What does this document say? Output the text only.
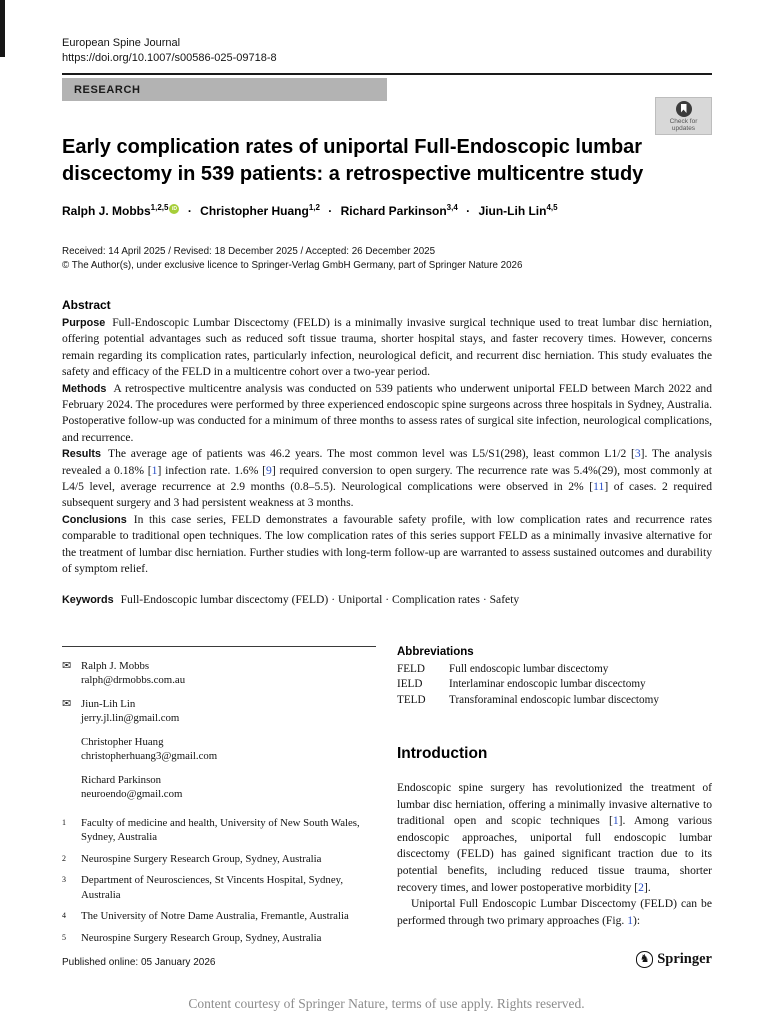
European Spine Journal
https://doi.org/10.1007/s00586-025-09718-8
RESEARCH
Check for
updates
Early complication rates of uniportal Full-Endoscopic lumbar discectomy in 539 patients: a retrospective multicentre study
Ralph J. Mobbs$^{1,2,5}$ iD · Christopher Huang$^{1,2}$ · Richard Parkinson$^{3,4}$ · Jiun-Lih Lin$^{4,5}$
Received: 14 April 2025 / Revised: 18 December 2025 / Accepted: 26 December 2025
© The Author(s), under exclusive licence to Springer-Verlag GmbH Germany, part of Springer Nature 2026
Abstract

Purpose Full-Endoscopic Lumbar Discectomy (FELD) is a minimally invasive surgical technique used to treat lumbar disc herniation, offering potential advantages such as reduced soft tissue trauma, shorter hospital stays, and faster recovery times. However, concerns remain regarding its complication rates, particularly infection, neurological deficit, and recurrent disc herniation. This study evaluates the safety and efficacy of the FELD in a multicentre cohort over a two-year period.

Methods A retrospective multicentre analysis was conducted on 539 patients who underwent uniportal FELD between March 2022 and February 2024. The procedures were performed by three experienced endoscopic spine surgeons across three hospitals in Sydney, Australia. Postoperative follow-up was conducted for a minimum of three months to assess rates of surgical site infection, neurological complications, and recurrence.

Results The average age of patients was 46.2 years. The most common level was L5/S1(298), least common L1/2 [3]. The analysis revealed a 0.18% [1] infection rate. 1.6% [9] required conversion to open surgery. The recurrence rate was 5.4%(29), most commonly at L4/5 level, average recurrence at 2.9 months (0.8–5.5). Neurological complications were observed in 2% [11] of cases. 2 required subsequent surgery and 3 had persistent weakness at 3 months.

Conclusions In this case series, FELD demonstrates a favourable safety profile, with low complication rates and recurrence rates comparable to traditional open techniques. The low complication rates of this series support FELD as a minimally invasive alternative for the treatment of lumbar disc herniation. Further studies with long-term follow-up are warranted to assess sustained outcomes and durability of symptom relief.

Keywords Full-Endoscopic lumbar discectomy (FELD) · Uniportal · Complication rates · Safety
✉ Ralph J. Mobbs
ralph@drmobbs.com.au
✉ Jiun-Lih Lin
jerry.jl.lin@gmail.com
Christopher Huang
christopherhuang3@gmail.com
Richard Parkinson
neuroendo@gmail.com
1	Faculty of medicine and health, University of New South Wales, Sydney, Australia
2	Neurospine Surgery Research Group, Sydney, Australia
3	Department of Neurosciences, St Vincents Hospital, Sydney, Australia
4	The University of Notre Dame Australia, Fremantle, Australia
5	Neurospine Surgery Research Group, Sydney, Australia
Abbreviations
FELD	Full endoscopic lumbar discectomy
IELD	Interlaminar endoscopic lumbar discectomy
TELD	Transforaminal endoscopic lumbar discectomy
Introduction

Endoscopic spine surgery has revolutionized the treatment of lumbar disc herniation, offering a minimally invasive alternative to traditional open and scopic techniques [1]. Among various endoscopic approaches, uniportal full endoscopic lumbar discectomy (FELD) has gained significant traction due to its potential benefits, including reduced tissue trauma, shorter recovery times, and lower postoperative morbidity [2].

Uniportal Full Endoscopic Lumbar Discectomy (FELD) can be performed through two primary approaches (Fig. 1):

Published online: 05 January 2026	♞ Springer
Content courtesy of Springer Nature, terms of use apply. Rights reserved.
